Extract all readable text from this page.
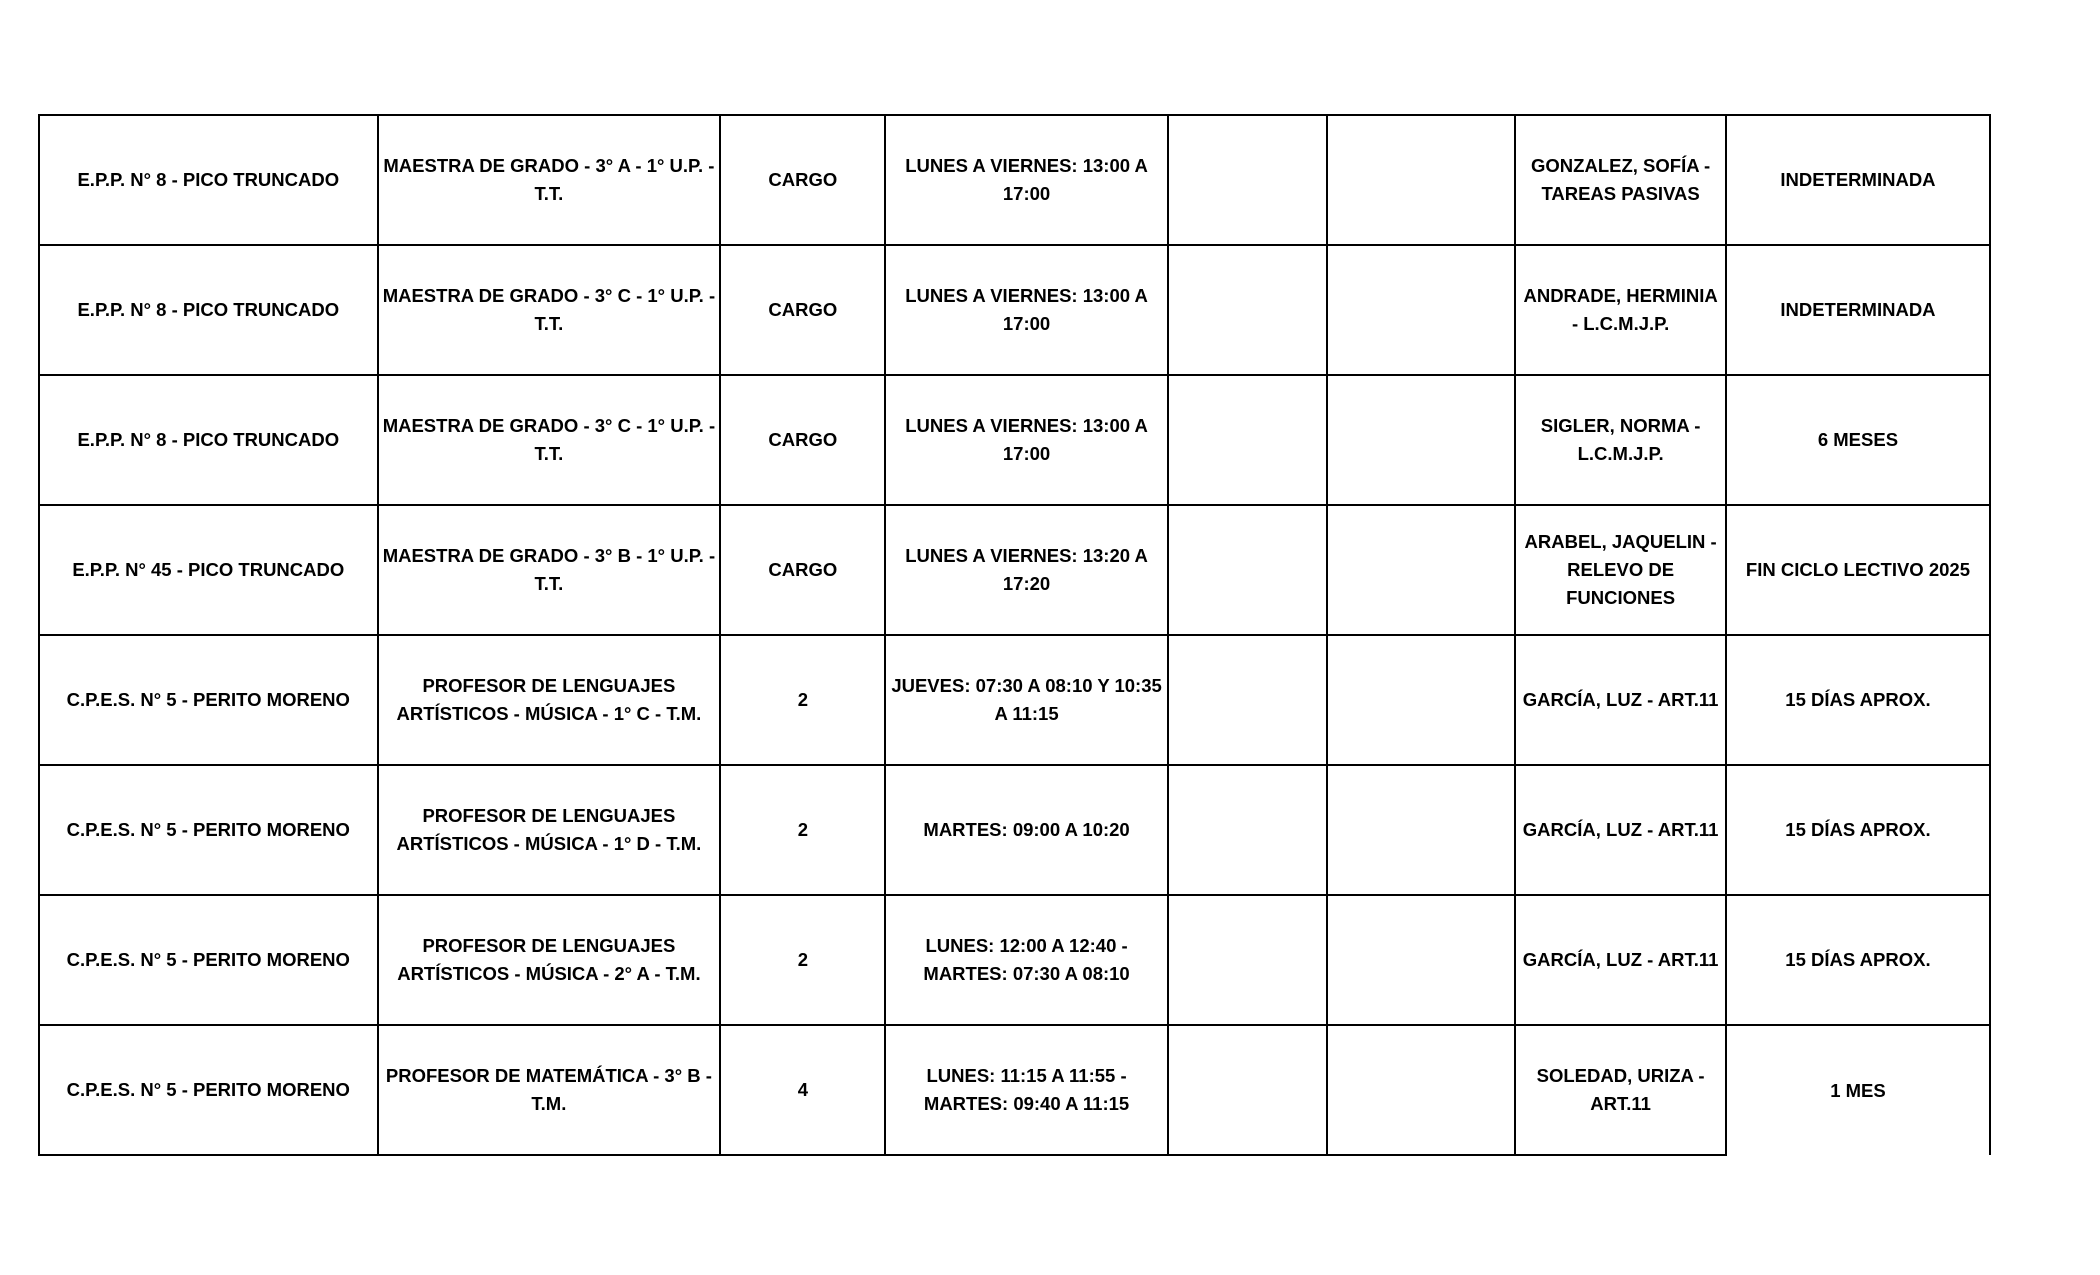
E.P.P. N° 8 - PICO TRUNCADO	MAESTRA DE GRADO - 3° A - 1° U.P. - T.T.	CARGO	LUNES A VIERNES: 13:00 A 17:00			GONZALEZ, SOFÍA - TAREAS PASIVAS	INDETERMINADA
E.P.P. N° 8 - PICO TRUNCADO	MAESTRA DE GRADO - 3° C - 1° U.P. - T.T.	CARGO	LUNES A VIERNES: 13:00 A 17:00			ANDRADE, HERMINIA - L.C.M.J.P.	INDETERMINADA
E.P.P. N° 8 - PICO TRUNCADO	MAESTRA DE GRADO - 3° C - 1° U.P. - T.T.	CARGO	LUNES A VIERNES: 13:00 A 17:00			SIGLER, NORMA - L.C.M.J.P.	6 MESES
E.P.P. N° 45 - PICO TRUNCADO	MAESTRA DE GRADO - 3° B - 1° U.P. - T.T.	CARGO	LUNES A VIERNES: 13:20 A 17:20			ARABEL, JAQUELIN - RELEVO DE FUNCIONES	FIN CICLO LECTIVO 2025
C.P.E.S. N° 5 - PERITO MORENO	PROFESOR DE LENGUAJES ARTÍSTICOS - MÚSICA - 1° C - T.M.	2	JUEVES: 07:30 A 08:10 Y 10:35 A 11:15			GARCÍA, LUZ - ART.11	15 DÍAS APROX.
C.P.E.S. N° 5 - PERITO MORENO	PROFESOR DE LENGUAJES ARTÍSTICOS - MÚSICA - 1° D - T.M.	2	MARTES: 09:00 A 10:20			GARCÍA, LUZ - ART.11	15 DÍAS APROX.
C.P.E.S. N° 5 - PERITO MORENO	PROFESOR DE LENGUAJES ARTÍSTICOS - MÚSICA - 2° A - T.M.	2	LUNES: 12:00 A 12:40 - MARTES: 07:30 A 08:10			GARCÍA, LUZ - ART.11	15 DÍAS APROX.
C.P.E.S. N° 5 - PERITO MORENO	PROFESOR DE MATEMÁTICA - 3° B - T.M.	4	LUNES: 11:15 A 11:55 - MARTES: 09:40 A 11:15			SOLEDAD, URIZA - ART.11	1 MES
